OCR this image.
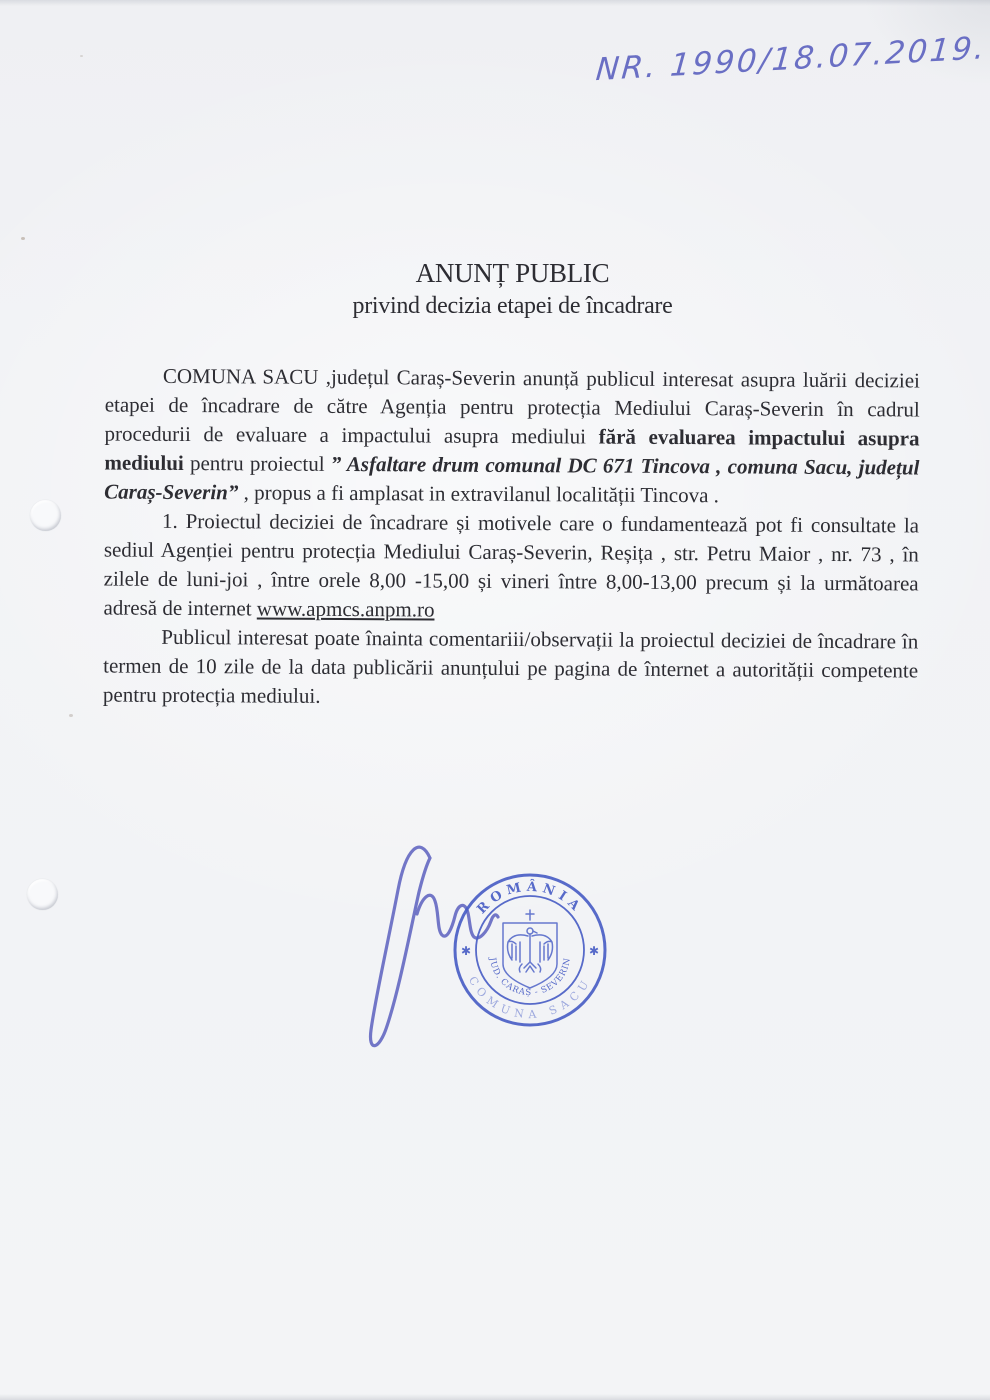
NR. 1990/18.07.2019.
ANUNȚ PUBLIC
privind decizia etapei de încadrare

COMUNA SACU ,județul Caraș-Severin anunță publicul interesat asupra luării deciziei etapei de încadrare de către Agenția pentru protecția Mediului Caraș-Severin în cadrul procedurii de evaluare a impactului asupra mediului fără evaluarea impactului asupra mediului pentru proiectul ” Asfaltare drum comunal DC 671 Tincova , comuna Sacu, județul Caraș-Severin” , propus a fi amplasat in extravilanul localității Tincova .

1. Proiectul deciziei de încadrare și motivele care o fundamentează pot fi consultate la sediul Agenției pentru protecția Mediului Caraș-Severin, Reșița , str. Petru Maior , nr. 73 , în zilele de luni-joi , între orele 8,00 -15,00 și vineri între 8,00-13,00 precum și la următoarea adresă de internet www.apmcs.anpm.ro

Publicul interesat poate înainta comentariii/observații la proiectul deciziei de încadrare în termen de 10 zile de la data publicării anunțului pe pagina de înternet a autorității competente pentru protecția mediului.

ROMÂNIA
✱	✱
JUD. CARAȘ - SEVERIN
COMUNA SACU
